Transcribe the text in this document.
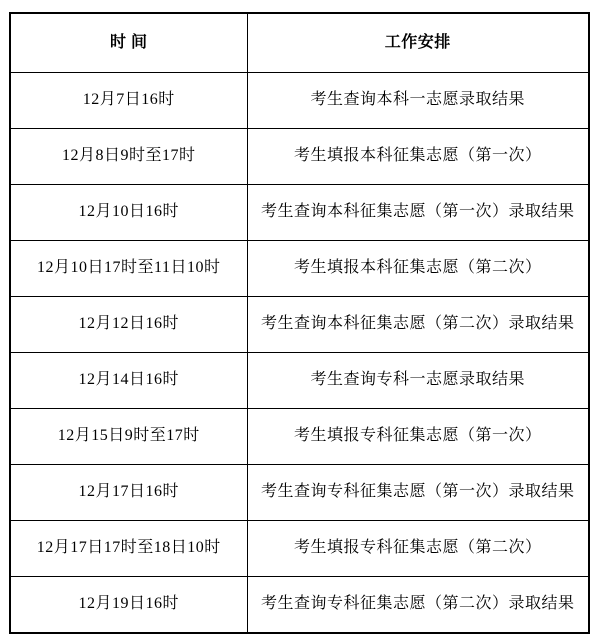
时 间	工作安排
12月7日16时	考生查询本科一志愿录取结果
12月8日9时至17时	考生填报本科征集志愿（第一次）
12月10日16时	考生查询本科征集志愿（第一次）录取结果
12月10日17时至11日10时	考生填报本科征集志愿（第二次）
12月12日16时	考生查询本科征集志愿（第二次）录取结果
12月14日16时	考生查询专科一志愿录取结果
12月15日9时至17时	考生填报专科征集志愿（第一次）
12月17日16时	考生查询专科征集志愿（第一次）录取结果
12月17日17时至18日10时	考生填报专科征集志愿（第二次）
12月19日16时	考生查询专科征集志愿（第二次）录取结果
